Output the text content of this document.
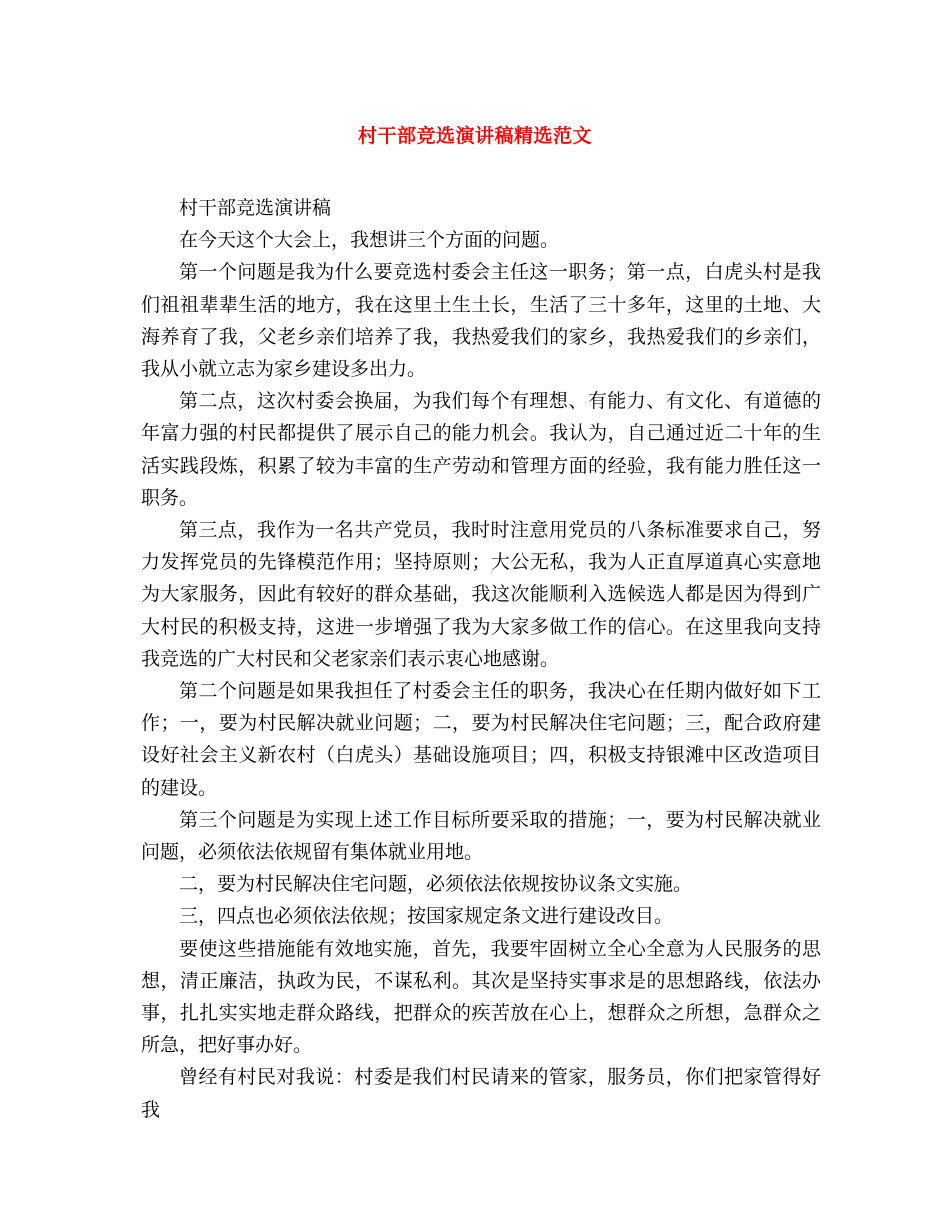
村干部竞选演讲稿精选范文

村干部竞选演讲稿

在今天这个大会上，我想讲三个方面的问题。

第一个问题是我为什么要竞选村委会主任这一职务；第一点，白虎头村是我们祖祖辈辈生活的地方，我在这里土生土长，生活了三十多年，这里的土地、大海养育了我，父老乡亲们培养了我，我热爱我们的家乡，我热爱我们的乡亲们，我从小就立志为家乡建设多出力。

第二点，这次村委会换届，为我们每个有理想、有能力、有文化、有道德的年富力强的村民都提供了展示自己的能力机会。我认为，自己通过近二十年的生活实践段炼，积累了较为丰富的生产劳动和管理方面的经验，我有能力胜任这一职务。

第三点，我作为一名共产党员，我时时注意用党员的八条标准要求自己，努力发挥党员的先锋模范作用；坚持原则；大公无私，我为人正直厚道真心实意地为大家服务，因此有较好的群众基础，我这次能顺利入选候选人都是因为得到广大村民的积极支持，这进一步增强了我为大家多做工作的信心。在这里我向支持我竞选的广大村民和父老家亲们表示衷心地感谢。

第二个问题是如果我担任了村委会主任的职务，我决心在任期内做好如下工作；一，要为村民解决就业问题；二，要为村民解决住宅问题；三，配合政府建设好社会主义新农村（白虎头）基础设施项目；四，积极支持银滩中区改造项目的建设。

第三个问题是为实现上述工作目标所要采取的措施；一，要为村民解决就业问题，必须依法依规留有集体就业用地。

二，要为村民解决住宅问题，必须依法依规按协议条文实施。

三，四点也必须依法依规；按国家规定条文进行建设改目。

要使这些措施能有效地实施，首先，我要牢固树立全心全意为人民服务的思想，清正廉洁，执政为民，不谋私利。其次是坚持实事求是的思想路线，依法办事，扎扎实实地走群众路线，把群众的疾苦放在心上，想群众之所想，急群众之所急，把好事办好。

曾经有村民对我说：村委是我们村民请来的管家，服务员，你们把家管得好我
